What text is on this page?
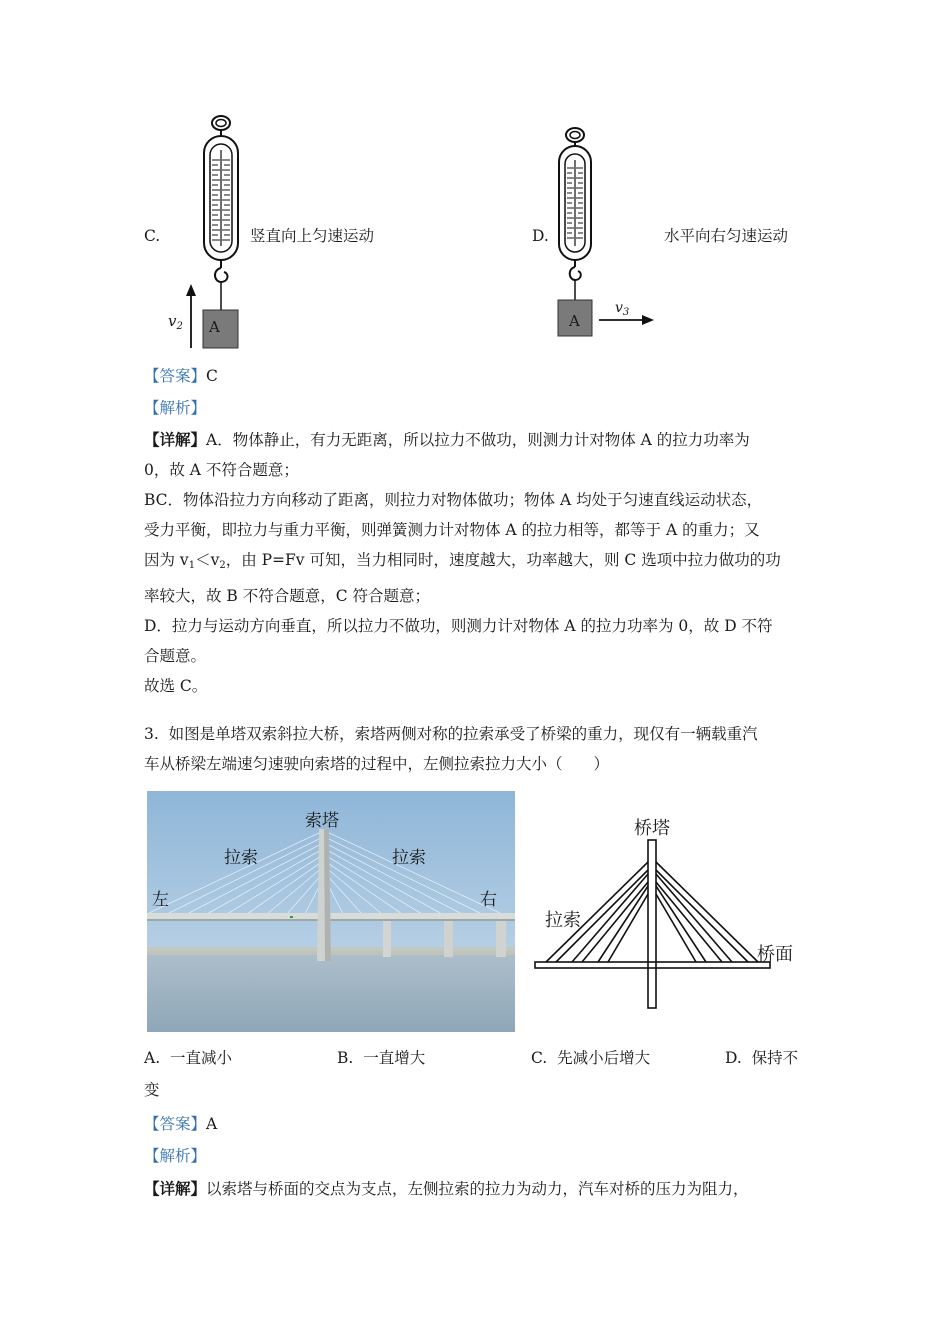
C.	竖直向上匀速运动
A
$v_2$
D.	水平向右匀速运动
A
$v_3$
【答案】C
【解析】
【详解】A．物体静止，有力无距离，所以拉力不做功，则测力计对物体 A 的拉力功率为
0，故 A 不符合题意；
BC．物体沿拉力方向移动了距离，则拉力对物体做功；物体 A 均处于匀速直线运动状态，
受力平衡，即拉力与重力平衡，则弹簧测力计对物体 A 的拉力相等，都等于 A 的重力；又
因为 $v_1<v_2$，由 P=Fv 可知，当力相同时，速度越大，功率越大，则 C 选项中拉力做功的功
率较大，故 B 不符合题意，C 符合题意；
D．拉力与运动方向垂直，所以拉力不做功，则测力计对物体 A 的拉力功率为 0，故 D 不符
合题意。
故选 C。
3. 如图是单塔双索斜拉大桥，索塔两侧对称的拉索承受了桥梁的重力，现仅有一辆载重汽
车从桥梁左端速匀速驶向索塔的过程中，左侧拉索拉力大小（　　）
索塔
拉索	拉索
左	右
桥塔
拉索
桥面
A. 一直减小	B. 一直增大	C. 先减小后增大	D. 保持不
变
【答案】A
【解析】
【详解】以索塔与桥面的交点为支点，左侧拉索的拉力为动力，汽车对桥的压力为阻力，
